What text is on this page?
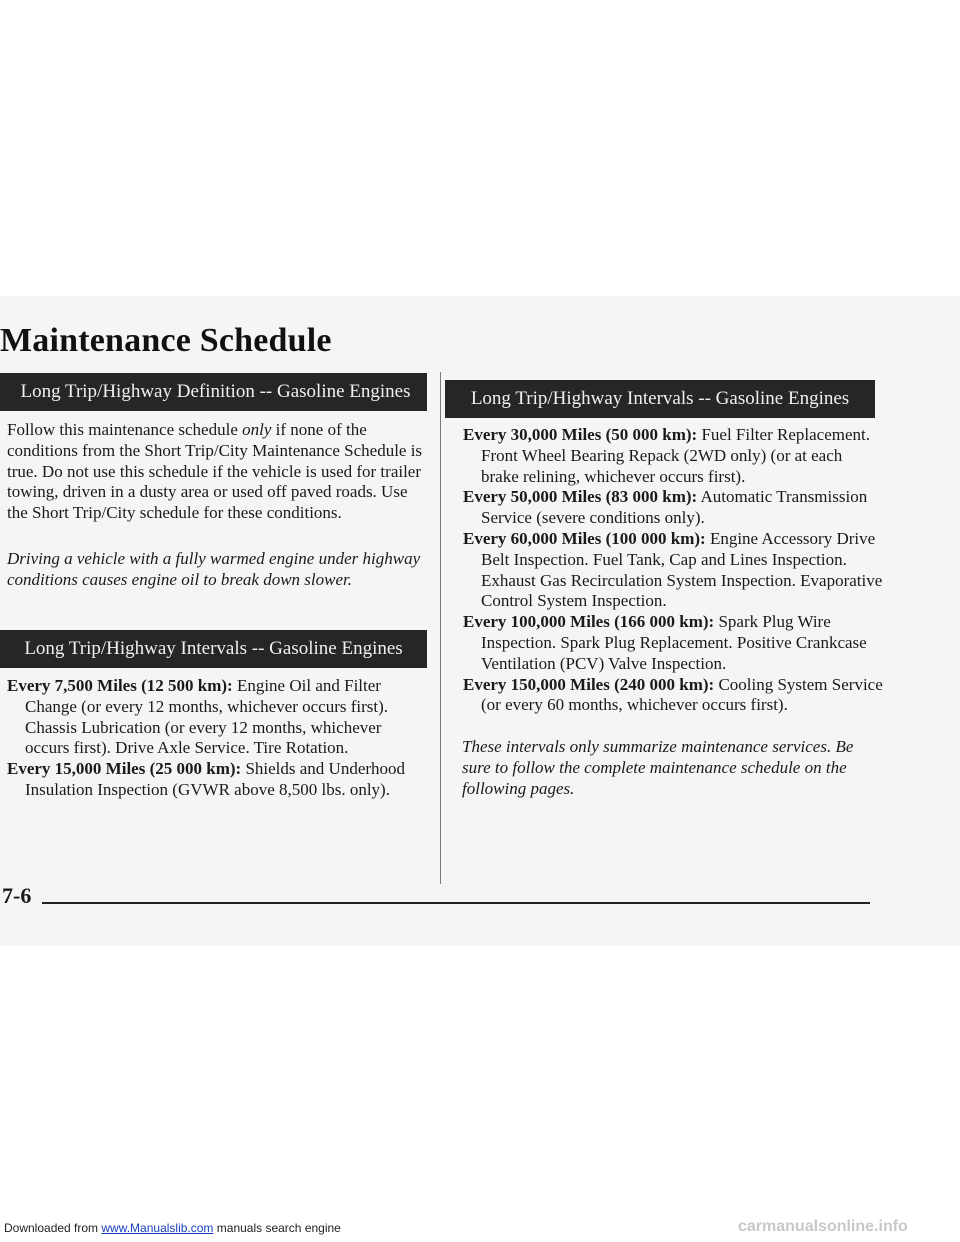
Maintenance Schedule
Long Trip/Highway Definition -- Gasoline Engines

Follow this maintenance schedule only if none of the conditions from the Short Trip/City Maintenance Schedule is true. Do not use this schedule if the vehicle is used for trailer towing, driven in a dusty area or used off paved roads. Use the Short Trip/City schedule for these conditions.

Driving a vehicle with a fully warmed engine under highway conditions causes engine oil to break down slower.

Long Trip/Highway Intervals -- Gasoline Engines
Every 7,500 Miles (12 500 km): Engine Oil and Filter Change (or every 12 months, whichever occurs first). Chassis Lubrication (or every 12 months, whichever occurs first). Drive Axle Service. Tire Rotation.
Every 15,000 Miles (25 000 km): Shields and Underhood Insulation Inspection (GVWR above 8,500 lbs. only).
Long Trip/Highway Intervals -- Gasoline Engines
Every 30,000 Miles (50 000 km): Fuel Filter Replacement. Front Wheel Bearing Repack (2WD only) (or at each brake relining, whichever occurs first).
Every 50,000 Miles (83 000 km): Automatic Transmission Service (severe conditions only).
Every 60,000 Miles (100 000 km): Engine Accessory Drive Belt Inspection. Fuel Tank, Cap and Lines Inspection. Exhaust Gas Recirculation System Inspection. Evaporative Control System Inspection.
Every 100,000 Miles (166 000 km): Spark Plug Wire Inspection. Spark Plug Replacement. Positive Crankcase Ventilation (PCV) Valve Inspection.
Every 150,000 Miles (240 000 km): Cooling System Service (or every 60 months, whichever occurs first).

These intervals only summarize maintenance services. Be sure to follow the complete maintenance schedule on the following pages.

7-6
Downloaded from www.Manualslib.com manuals search engine	carmanualsonline.info
